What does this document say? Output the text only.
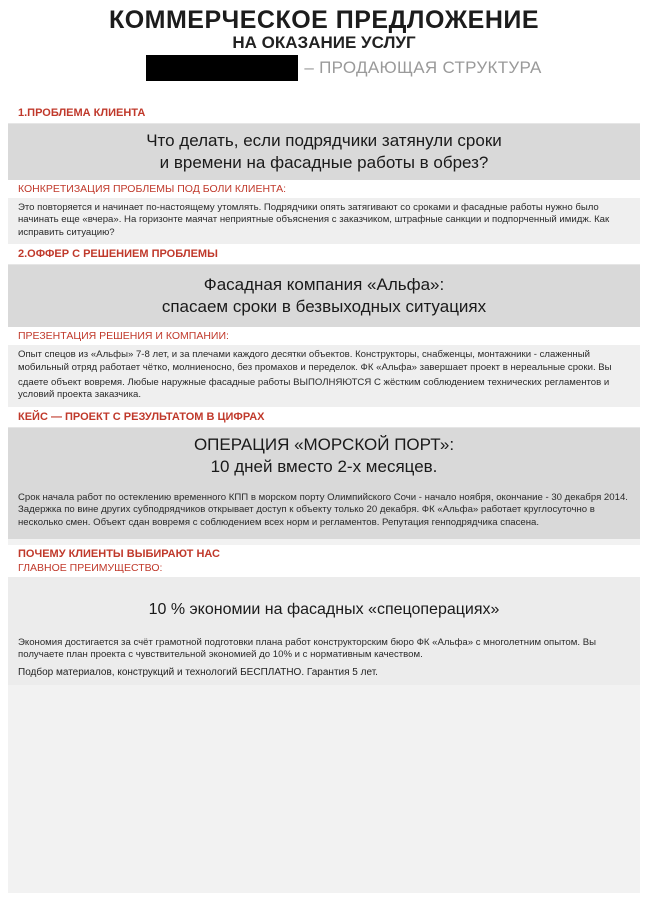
КОММЕРЧЕСКОЕ ПРЕДЛОЖЕНИЕ
НА ОКАЗАНИЕ УСЛУГ
– ПРОДАЮЩАЯ СТРУКТУРА
1.ПРОБЛЕМА КЛИЕНТА
Что делать, если подрядчики затянули сроки
и времени на фасадные работы в обрез?
КОНКРЕТИЗАЦИЯ ПРОБЛЕМЫ ПОД БОЛИ КЛИЕНТА:
Это повторяется и начинает по-настоящему утомлять. Подрядчики опять затягивают со сроками и фасадные работы нужно было начинать еще «вчера». На горизонте маячат неприятные объяснения с заказчиком, штрафные санкции и подпорченный имидж. Как исправить ситуацию?
2.ОФФЕР С РЕШЕНИЕМ ПРОБЛЕМЫ
Фасадная компания «Альфа»:
спасаем сроки в безвыходных ситуациях
ПРЕЗЕНТАЦИЯ РЕШЕНИЯ И КОМПАНИИ:
Опыт спецов из «Альфы» 7-8 лет, и за плечами каждого десятки объектов. Конструкторы, снабженцы, монтажники - слаженный мобильный отряд работает чётко, молниеносно, без промахов и переделок. ФК «Альфа» завершает проект в нереальные сроки. Вы
сдаете объект вовремя. Любые наружные фасадные работы ВЫПОЛНЯЮТСЯ С жёстким соблюдением технических регламентов и условий проекта заказчика.
КЕЙС — ПРОЕКТ С РЕЗУЛЬТАТОМ В ЦИФРАХ
ОПЕРАЦИЯ «МОРСКОЙ ПОРТ»:
10 дней вместо 2-х месяцев.
Срок начала работ по остеклению временного КПП в морском порту Олимпийского Сочи - начало ноября, окончание - 30 декабря 2014. Задержка по вине других субподрядчиков открывает доступ к объекту только 20 декабря. ФК «Альфа» работает круглосуточно в несколько смен. Объект сдан вовремя с соблюдением всех норм и регламентов. Репутация генподрядчика спасена.
ПОЧЕМУ КЛИЕНТЫ ВЫБИРАЮТ НАС
ГЛАВНОЕ ПРЕИМУЩЕСТВО:
10 % экономии на фасадных «спецоперациях»
Экономия достигается за счёт грамотной подготовки плана работ конструкторским бюро ФК «Альфа» с многолетним опытом. Вы получаете план проекта с чувствительной экономией до 10% и с нормативным качеством.
Подбор материалов, конструкций и технологий БЕСПЛАТНО. Гарантия 5 лет.
